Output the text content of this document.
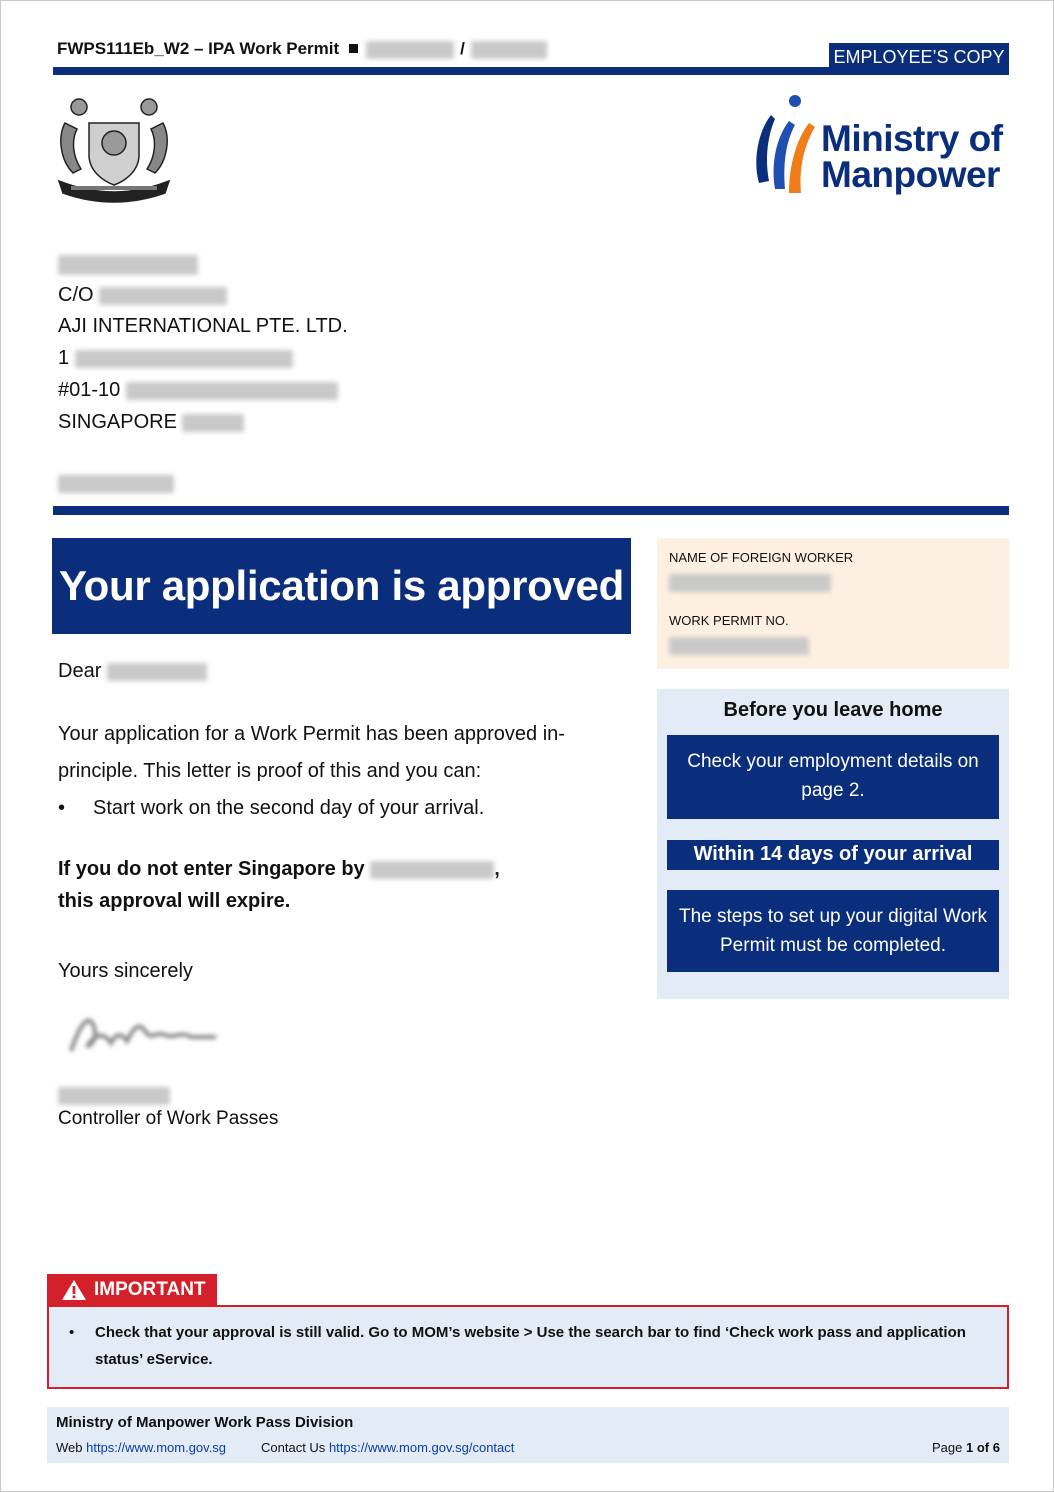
FWPS111Eb_W2 – IPA Work Permit	/	EMPLOYEE’S COPY
Ministry of
Manpower
C/O
AJI INTERNATIONAL PTE. LTD.
1
#01-10
SINGAPORE
Your application is approved
NAME OF FOREIGN WORKER
WORK PERMIT NO.
Dear
Your application for a Work Permit has been approved in-principle. This letter is proof of this and you can:
• Start work on the second day of your arrival.
If you do not enter Singapore by	,
this approval will expire.
Yours sincerely
Controller of Work Passes
Before you leave home
Check your employment details on page 2.
Within 14 days of your arrival
The steps to set up your digital Work Permit must be completed.
IMPORTANT
• Check that your approval is still valid. Go to MOM’s website > Use the search bar to find ‘Check work pass and application status’ eService.
Ministry of Manpower Work Pass Division
Web https://www.mom.gov.sg	Contact Us https://www.mom.gov.sg/contact	Page 1 of 6
